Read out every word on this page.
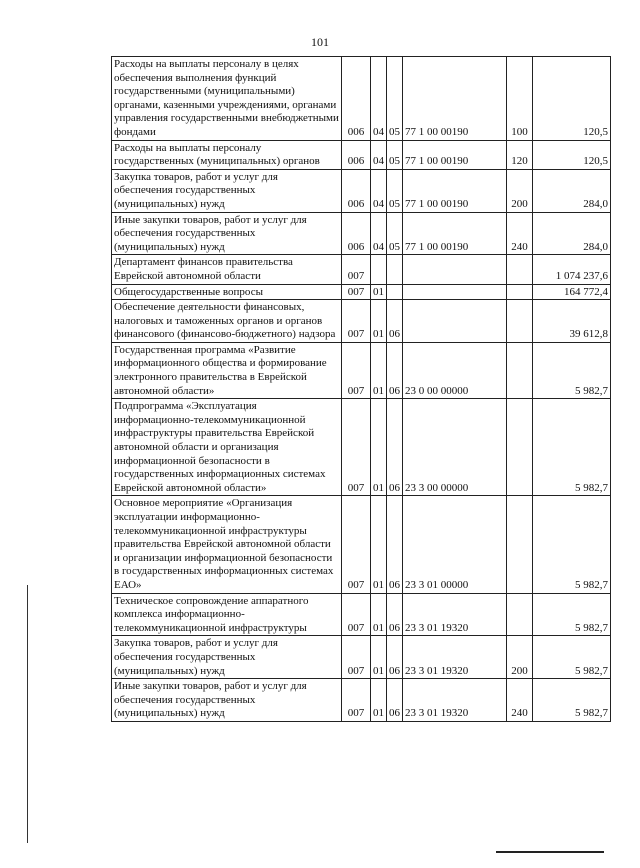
101
Расходы на выплаты персоналу в целях обеспечения выполнения функций государственными (муниципальными) органами, казенными учреждениями, органами управления государственными внебюджетными фондами	006	04	05	77 1 00 00190	100	120,5
Расходы на выплаты персоналу государственных (муниципальных) органов	006	04	05	77 1 00 00190	120	120,5
Закупка товаров, работ и услуг для обеспечения государственных (муниципальных) нужд	006	04	05	77 1 00 00190	200	284,0
Иные закупки товаров, работ и услуг для обеспечения государственных (муниципальных) нужд	006	04	05	77 1 00 00190	240	284,0
Департамент финансов правительства Еврейской автономной области	007					1 074 237,6
Общегосударственные вопросы	007	01				164 772,4
Обеспечение деятельности финансовых, налоговых и таможенных органов и органов финансового (финансово-бюджетного) надзора	007	01	06			39 612,8
Государственная программа «Развитие информационного общества и формирование электронного правительства в Еврейской автономной области»	007	01	06	23 0 00 00000		5 982,7
Подпрограмма «Эксплуатация информационно-телекоммуникационной инфраструктуры правительства Еврейской автономной области и организация информационной безопасности в государственных информационных системах Еврейской автономной области»	007	01	06	23 3 00 00000		5 982,7
Основное мероприятие «Организация эксплуатации информационно-телекоммуникационной инфраструктуры правительства Еврейской автономной области и организации информационной безопасности в государственных информационных системах ЕАО»	007	01	06	23 3 01 00000		5 982,7
Техническое сопровождение аппаратного комплекса информационно-телекоммуникационной инфраструктуры	007	01	06	23 3 01 19320		5 982,7
Закупка товаров, работ и услуг для обеспечения государственных (муниципальных) нужд	007	01	06	23 3 01 19320	200	5 982,7
Иные закупки товаров, работ и услуг для обеспечения государственных (муниципальных) нужд	007	01	06	23 3 01 19320	240	5 982,7
